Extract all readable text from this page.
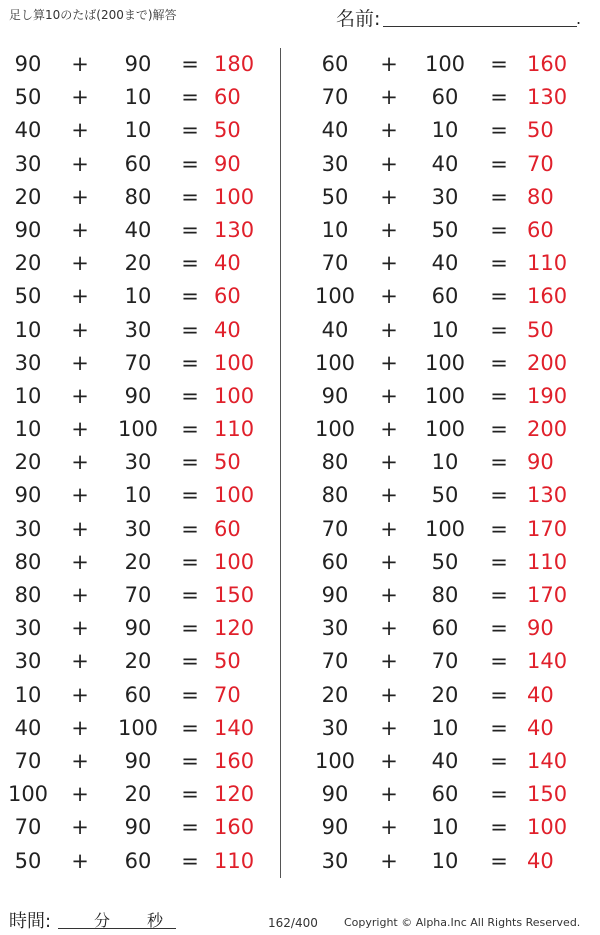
足し算10のたば(200まで)解答	名前:	.
90	+	90	= 180
50	+	10	= 60
40	+	10	= 50
30	+	60	= 90
20	+	80	= 100
90	+	40	= 130
20	+	20	= 40
50	+	10	= 60
10	+	30	= 40
30	+	70	= 100
10	+	90	= 100
10	+	100	= 110
20	+	30	= 50
90	+	10	= 100
30	+	30	= 60
80	+	20	= 100
80	+	70	= 150
30	+	90	= 120
30	+	20	= 50
10	+	60	= 70
40	+	100	= 140
70	+	90	= 160
100	+	20	= 120
70	+	90	= 160
50	+	60	= 110
60	+	100	= 160
70	+	60	= 130
40	+	10	= 50
30	+	40	= 70
50	+	30	= 80
10	+	50	= 60
70	+	40	= 110
100	+	60	= 160
40	+	10	= 50
100	+	100	= 200
90	+	100	= 190
100	+	100	= 200
80	+	10	= 90
80	+	50	= 130
70	+	100	= 170
60	+	50	= 110
90	+	80	= 170
30	+	60	= 90
70	+	70	= 140
20	+	20	= 40
30	+	10	= 40
100	+	40	= 140
90	+	60	= 150
90	+	10	= 100
30	+	10	= 40
時間:	分 秒	162/400 Copyright © Alpha.Inc All Rights Reserved.
